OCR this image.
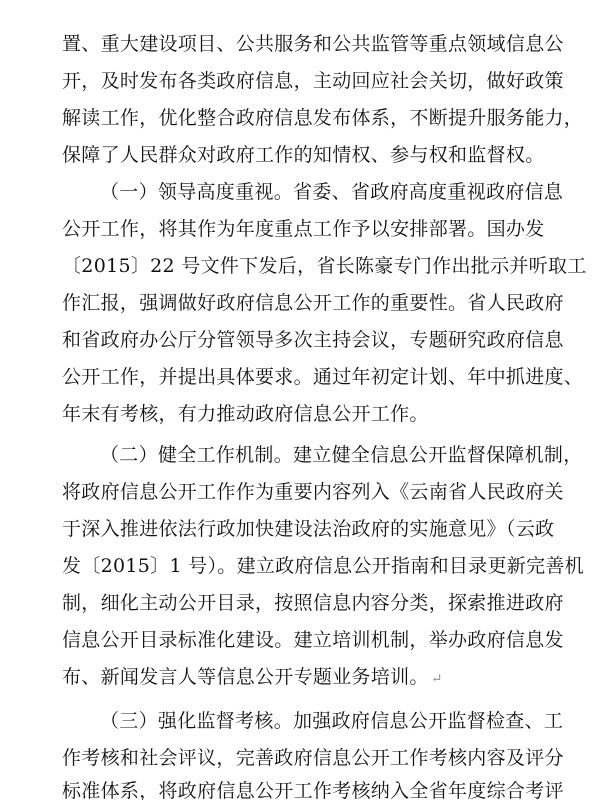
置、重大建设项目、公共服务和公共监管等重点领域信息公
开，及时发布各类政府信息，主动回应社会关切，做好政策
解读工作，优化整合政府信息发布体系，不断提升服务能力，
保障了人民群众对政府工作的知情权、参与权和监督权。
（一）领导高度重视。省委、省政府高度重视政府信息
公开工作，将其作为年度重点工作予以安排部署。国办发
〔2015〕22 号文件下发后，省长陈豪专门作出批示并听取工
作汇报，强调做好政府信息公开工作的重要性。省人民政府
和省政府办公厅分管领导多次主持会议，专题研究政府信息
公开工作，并提出具体要求。通过年初定计划、年中抓进度、
年末有考核，有力推动政府信息公开工作。
（二）健全工作机制。建立健全信息公开监督保障机制，
将政府信息公开工作作为重要内容列入《云南省人民政府关
于深入推进依法行政加快建设法治政府的实施意见》（云政
发〔2015〕1 号）。建立政府信息公开指南和目录更新完善机
制，细化主动公开目录，按照信息内容分类，探索推进政府
信息公开目录标准化建设。建立培训机制，举办政府信息发
布、新闻发言人等信息公开专题业务培训。 ↵
（三）强化监督考核。加强政府信息公开监督检查、工
作考核和社会评议，完善政府信息公开工作考核内容及评分
标准体系，将政府信息公开工作考核纳入全省年度综合考评
